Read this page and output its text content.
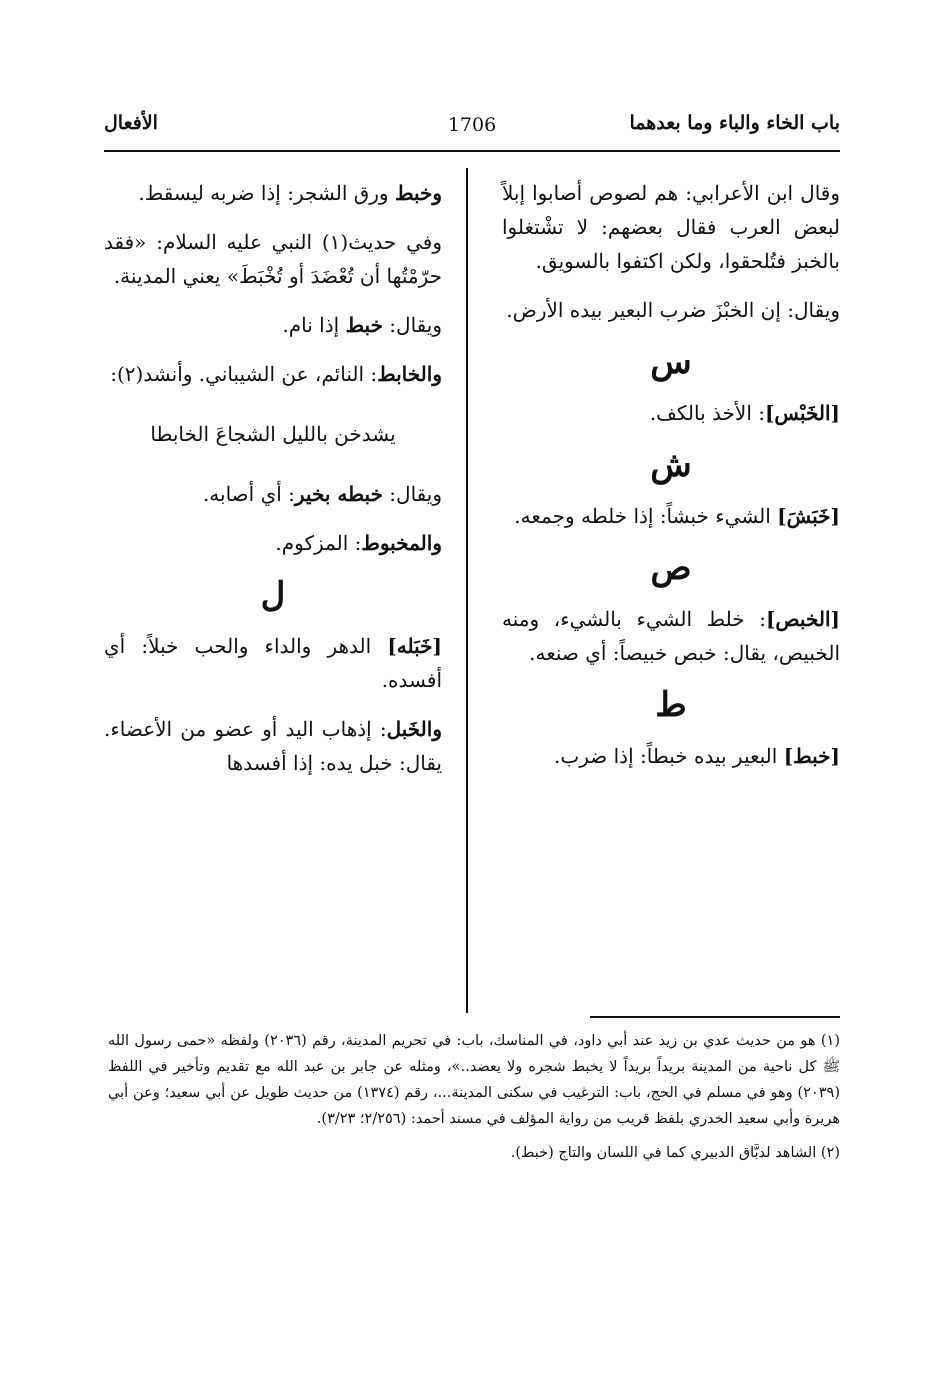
باب الخاء والباء وما بعدهما
1706
الأفعال

وقال ابن الأعرابي: هم لصوص أصابوا إبلاً لبعض العرب فقال بعضهم: لا تشْتغلوا بالخبز فتُلحقوا، ولكن اكتفوا بالسويق.

ويقال: إن الخبْزَ ضرب البعير بيده الأرض.

س

[الخَبْس]: الأخذ بالكف.

ش

[خَبَشَ] الشيء خبشاً: إذا خلطه وجمعه.

ص

[الخبص]: خلط الشيء بالشيء، ومنه الخبيص، يقال: خبص خبيصاً: أي صنعه.

ط

[خبط] البعير بيده خبطاً: إذا ضرب.

وخبط ورق الشجر: إذا ضربه ليسقط.

وفي حديث(١) النبي عليه السلام: «فقد حرّمْتُها أن تُعْضَدَ أو تُخْبَطَ» يعني المدينة.

ويقال: خبط إذا نام.

والخابط: النائم، عن الشيباني. وأنشد(٢):

يشدخن بالليل الشجاعَ الخابطا

ويقال: خبطه بخير: أي أصابه.

والمخبوط: المزكوم.

ل

[خَبَله] الدهر والداء والحب خبلاً: أي أفسده.

والخَبل: إذهاب اليد أو عضو من الأعضاء. يقال: خبل يده: إذا أفسدها

(١) هو من حديث عدي بن زيد عند أبي داود، في المناسك، باب: في تحريم المدينة، رقم (٢٠٣٦) ولفظه «حمى رسول الله ﷺ كل ناحية من المدينة بريداً بريداً لا يخبط شجره ولا يعضد..»، ومثله عن جابر بن عبد الله مع تقديم وتأخير في اللفظ (٢٠٣٩) وهو في مسلم في الحج، باب: الترغيب في سكنى المدينة...، رقم (١٣٧٤) من حديث طويل عن أبي سعيد؛ وعن أبي هريرة وأبي سعيد الخدري بلفظ قريب من رواية المؤلف في مسند أحمد: (٢/٢٥٦؛ ٣/٢٣).

(٢) الشاهد لدبَّاق الدبيري كما في اللسان والتاج (خبط).
